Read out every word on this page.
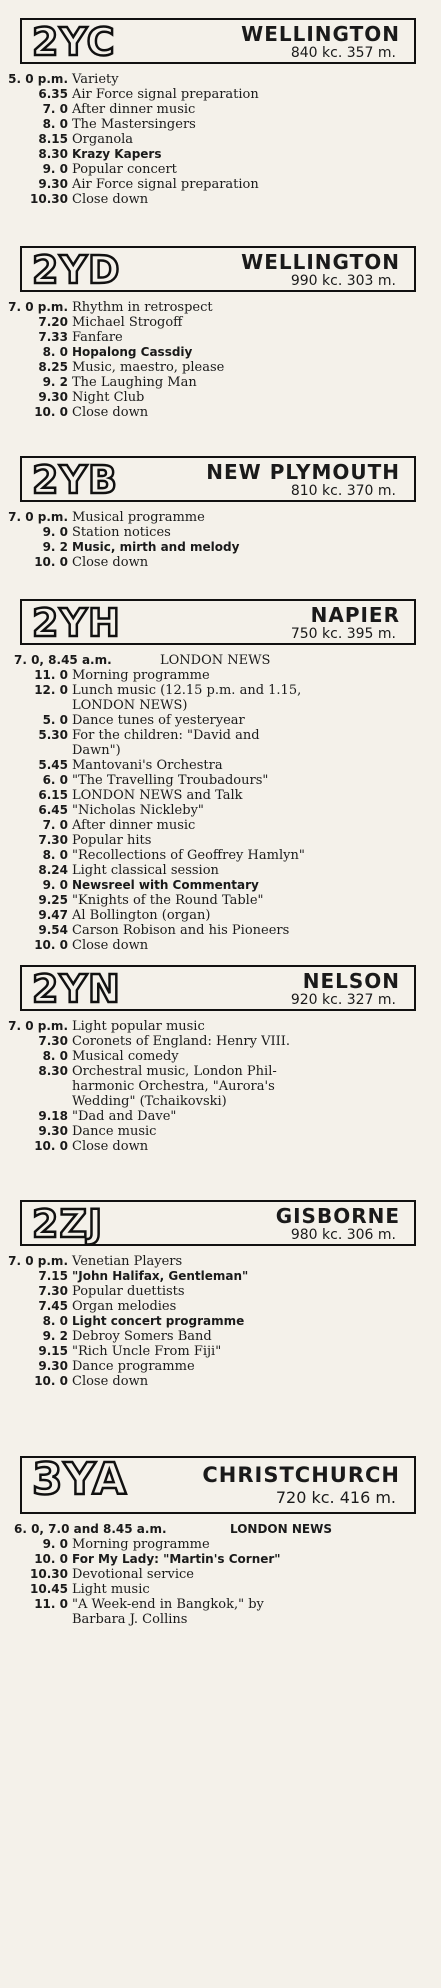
2YC	WELLINGTON
840 kc. 357 m.
5. 0 p.m. Variety
6.35 Air Force signal preparation
7. 0 After dinner music
8. 0 The Mastersingers
8.15 Organola
8.30 Krazy Kapers
9. 0 Popular concert
9.30 Air Force signal preparation
10.30 Close down
2YD	WELLINGTON
990 kc. 303 m.
7. 0 p.m. Rhythm in retrospect
7.20 Michael Strogoff
7.33 Fanfare
8. 0 Hopalong Cassdiy
8.25 Music, maestro, please
9. 2 The Laughing Man
9.30 Night Club
10. 0 Close down
2YB	NEW PLYMOUTH
810 kc. 370 m.
7. 0 p.m. Musical programme
9. 0 Station notices
9. 2 Music, mirth and melody
10. 0 Close down
2YH	NAPIER
750 kc. 395 m.
7. 0, 8.45 a.m.	LONDON NEWS
11. 0 Morning programme
12. 0 Lunch music (12.15 p.m. and 1.15,
LONDON NEWS)
5. 0 Dance tunes of yesteryear
5.30 For the children: "David and
Dawn")
5.45 Mantovani's Orchestra
6. 0 "The Travelling Troubadours"
6.15 LONDON NEWS and Talk
6.45 "Nicholas Nickleby"
7. 0 After dinner music
7.30 Popular hits
8. 0 "Recollections of Geoffrey Hamlyn"
8.24 Light classical session
9. 0 Newsreel with Commentary
9.25 "Knights of the Round Table"
9.47 Al Bollington (organ)
9.54 Carson Robison and his Pioneers
10. 0 Close down
2YN	NELSON
920 kc. 327 m.
7. 0 p.m. Light popular music
7.30 Coronets of England: Henry VIII.
8. 0 Musical comedy
8.30 Orchestral music, London Phil-
harmonic Orchestra, "Aurora's
Wedding" (Tchaikovski)
9.18 "Dad and Dave"
9.30 Dance music
10. 0 Close down
2ZJ	GISBORNE
980 kc. 306 m.
7. 0 p.m. Venetian Players
7.15 "John Halifax, Gentleman"
7.30 Popular duettists
7.45 Organ melodies
8. 0 Light concert programme
9. 2 Debroy Somers Band
9.15 "Rich Uncle From Fiji"
9.30 Dance programme
10. 0 Close down
3YA	CHRISTCHURCH
720 kc. 416 m.
6. 0, 7.0 and 8.45 a.m.	LONDON NEWS
9. 0 Morning programme
10. 0 For My Lady: "Martin's Corner"
10.30 Devotional service
10.45 Light music
11. 0 "A Week-end in Bangkok," by
Barbara J. Collins
